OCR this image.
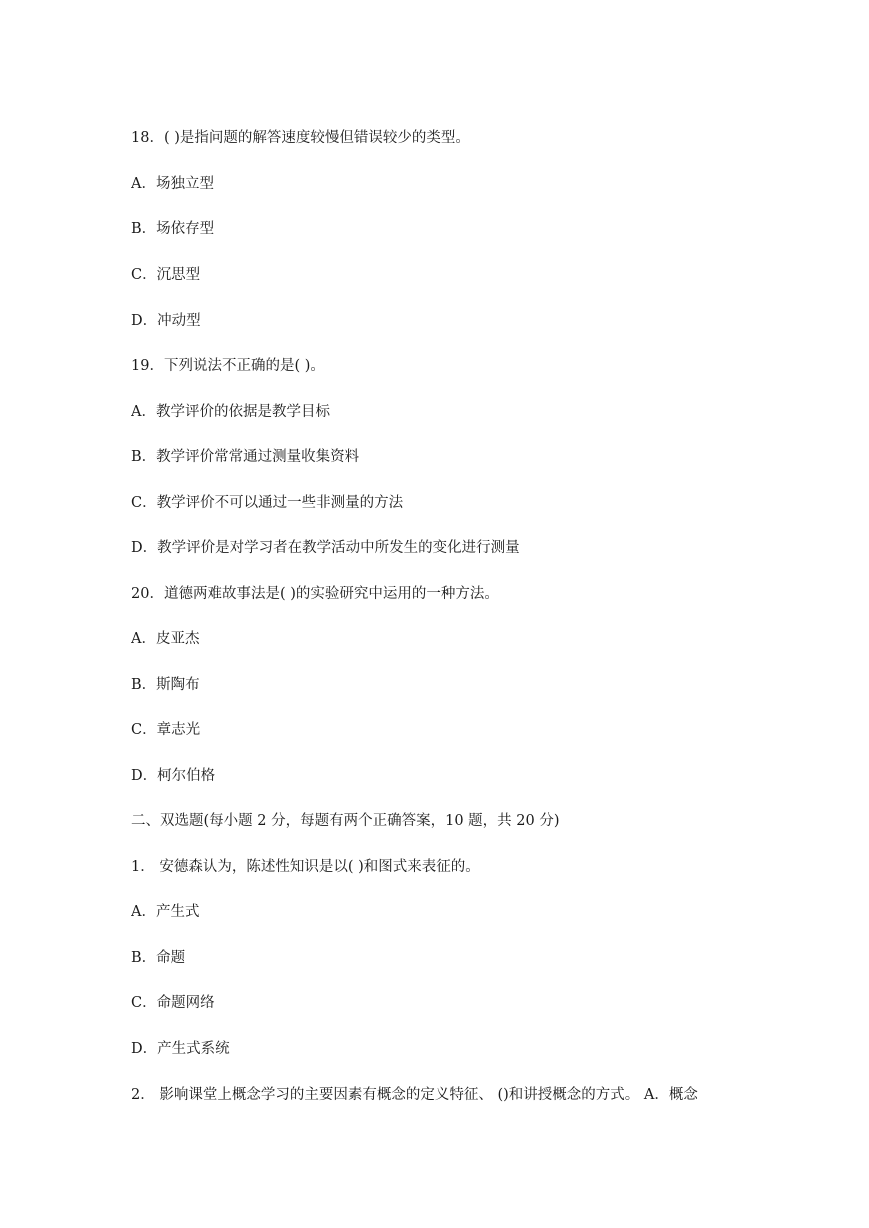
18．( )是指问题的解答速度较慢但错误较少的类型。
A．场独立型
B．场依存型
C．沉思型
D．冲动型
19．下列说法不正确的是( )。
A．教学评价的依据是教学目标
B．教学评价常常通过测量收集资料
C．教学评价不可以通过一些非测量的方法
D．教学评价是对学习者在教学活动中所发生的变化进行测量
20．道德两难故事法是( )的实验研究中运用的一种方法。
A．皮亚杰
B．斯陶布
C．章志光
D．柯尔伯格
二、双选题(每小题 2 分，每题有两个正确答案，10 题，共 20 分)
1． 安德森认为，陈述性知识是以( )和图式来表征的。
A．产生式
B．命题
C．命题网络
D．产生式系统
2． 影响课堂上概念学习的主要因素有概念的定义特征、 ()和讲授概念的方式。 A．概念
